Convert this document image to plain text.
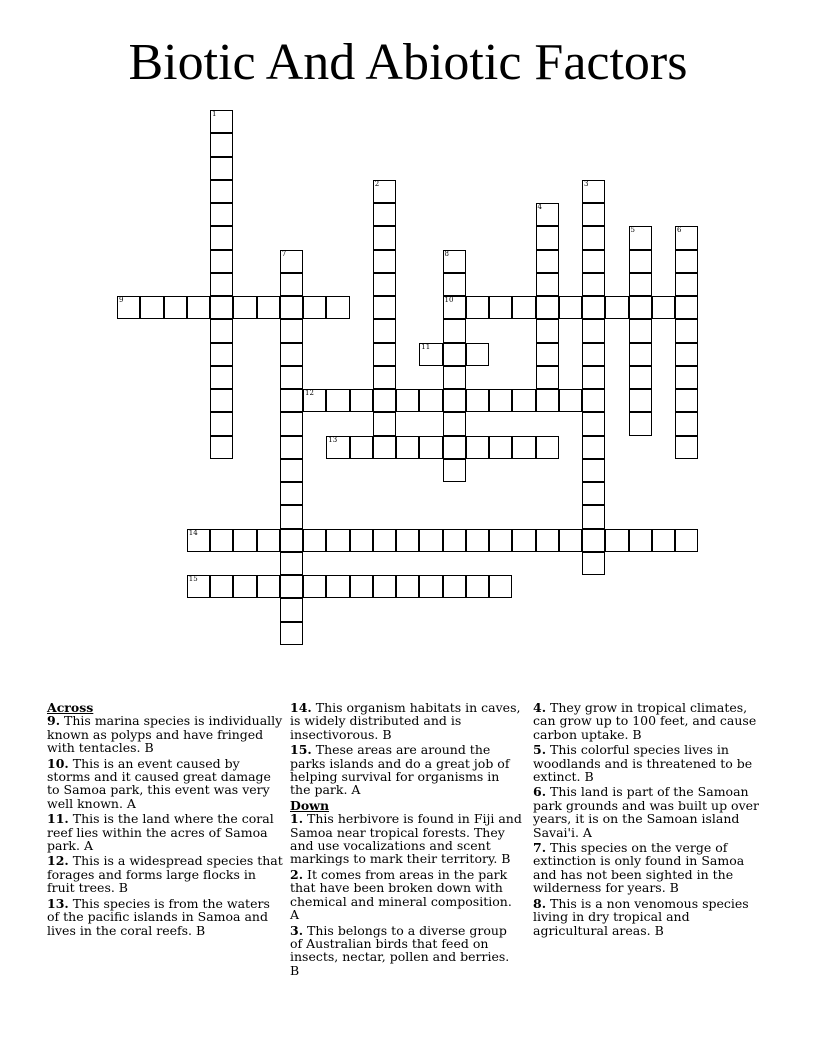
Biotic And Abiotic Factors
1
2	3
4
5	6
7	8
10
9
11
12
13
14
15
Across
9. This marina species is individually known as polyps and have fringed with tentacles. B
10. This is an event caused by storms and it caused great damage to Samoa park, this event was very well known. A
11. This is the land where the coral reef lies within the acres of Samoa park. A
12. This is a widespread species that forages and forms large flocks in fruit trees. B
13. This species is from the waters of the pacific islands in Samoa and lives in the coral reefs. B
14. This organism habitats in caves, is widely distributed and is insectivorous. B
15. These areas are around the parks islands and do a great job of helping survival for organisms in the park. A
Down
1. This herbivore is found in Fiji and Samoa near tropical forests. They and use vocalizations and scent markings to mark their territory. B
2. It comes from areas in the park that have been broken down with chemical and mineral composition. A
3. This belongs to a diverse group of Australian birds that feed on insects, nectar, pollen and berries. B
4. They grow in tropical climates, can grow up to 100 feet, and cause carbon uptake. B
5. This colorful species lives in woodlands and is threatened to be extinct. B
6. This land is part of the Samoan park grounds and was built up over years, it is on the Samoan island Savai'i. A
7. This species on the verge of extinction is only found in Samoa and has not been sighted in the wilderness for years. B
8. This is a non venomous species living in dry tropical and agricultural areas. B
